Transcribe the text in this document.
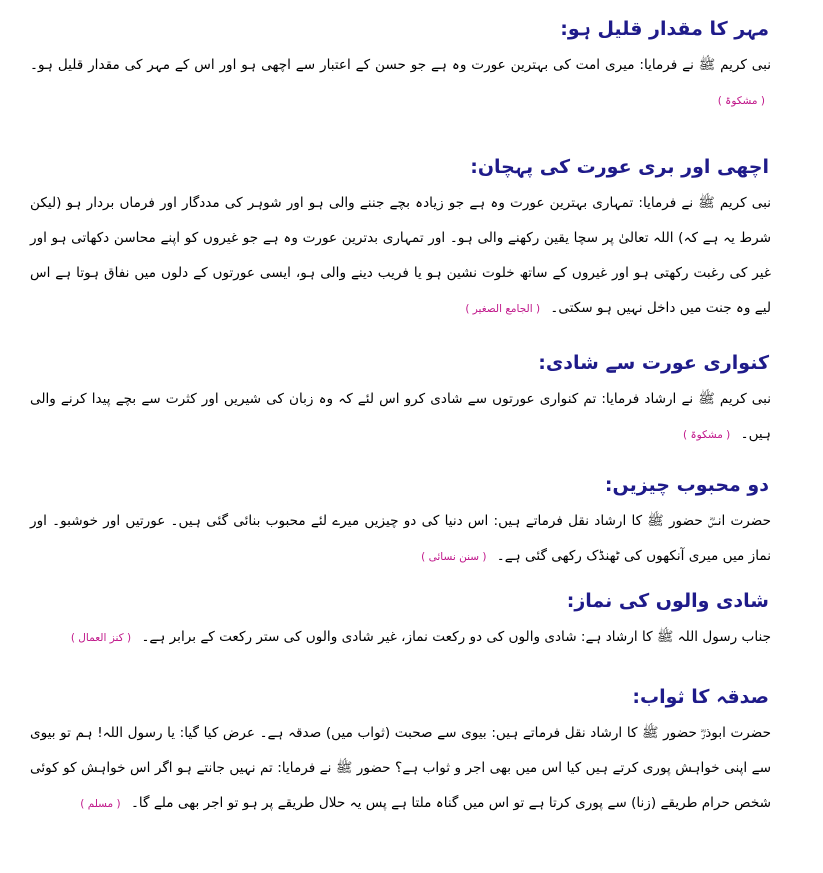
مہر کا مقدار قلیل ہو:

نبی کریم ﷺ نے فرمایا: میری امت کی بہترین عورت وہ ہے جو حسن کے اعتبار سے اچھی ہو اور اس کے مہر کی مقدار قلیل ہو۔ ( مشکوۃ )

اچھی اور بری عورت کی پہچان:

نبی کریم ﷺ نے فرمایا: تمہاری بہترین عورت وہ ہے جو زیادہ بچے جننے والی ہو اور شوہر کی مددگار اور فرماں بردار ہو (لیکن شرط یہ ہے کہ) اللہ تعالیٰ پر سچا یقین رکھنے والی ہو۔ اور تمہاری بدترین عورت وہ ہے جو غیروں کو اپنے محاسن دکھاتی ہو اور غیر کی رغبت رکھتی ہو اور غیروں کے ساتھ خلوت نشین ہو یا فریب دینے والی ہو، ایسی عورتوں کے دلوں میں نفاق ہوتا ہے اس لیے وہ جنت میں داخل نہیں ہو سکتی۔ ( الجامع الصغیر )

کنواری عورت سے شادی:

نبی کریم ﷺ نے ارشاد فرمایا: تم کنواری عورتوں سے شادی کرو اس لئے کہ وہ زبان کی شیریں اور کثرت سے بچے پیدا کرنے والی ہیں۔ ( مشکوۃ )

دو محبوب چیزیں:

حضرت انسؓ حضور ﷺ کا ارشاد نقل فرماتے ہیں: اس دنیا کی دو چیزیں میرے لئے محبوب بنائی گئی ہیں۔ عورتیں اور خوشبو۔ اور نماز میں میری آنکھوں کی ٹھنڈک رکھی گئی ہے۔ ( سنن نسائی )

شادی والوں کی نماز:

جناب رسول اللہ ﷺ کا ارشاد ہے: شادی والوں کی دو رکعت نماز، غیر شادی والوں کی ستر رکعت کے برابر ہے۔ ( کنز العمال )

صدقہ کا ثواب:

حضرت ابوذرؓ حضور ﷺ کا ارشاد نقل فرماتے ہیں: بیوی سے صحبت (ثواب میں) صدقہ ہے۔ عرض کیا گیا: یا رسول اللہ! ہم تو بیوی سے اپنی خواہش پوری کرتے ہیں کیا اس میں بھی اجر و ثواب ہے؟ حضور ﷺ نے فرمایا: تم نہیں جانتے ہو اگر اس خواہش کو کوئی شخص حرام طریقے (زنا) سے پوری کرتا ہے تو اس میں گناہ ملتا ہے پس یہ حلال طریقے پر ہو تو اجر بھی ملے گا۔ ( مسلم )
